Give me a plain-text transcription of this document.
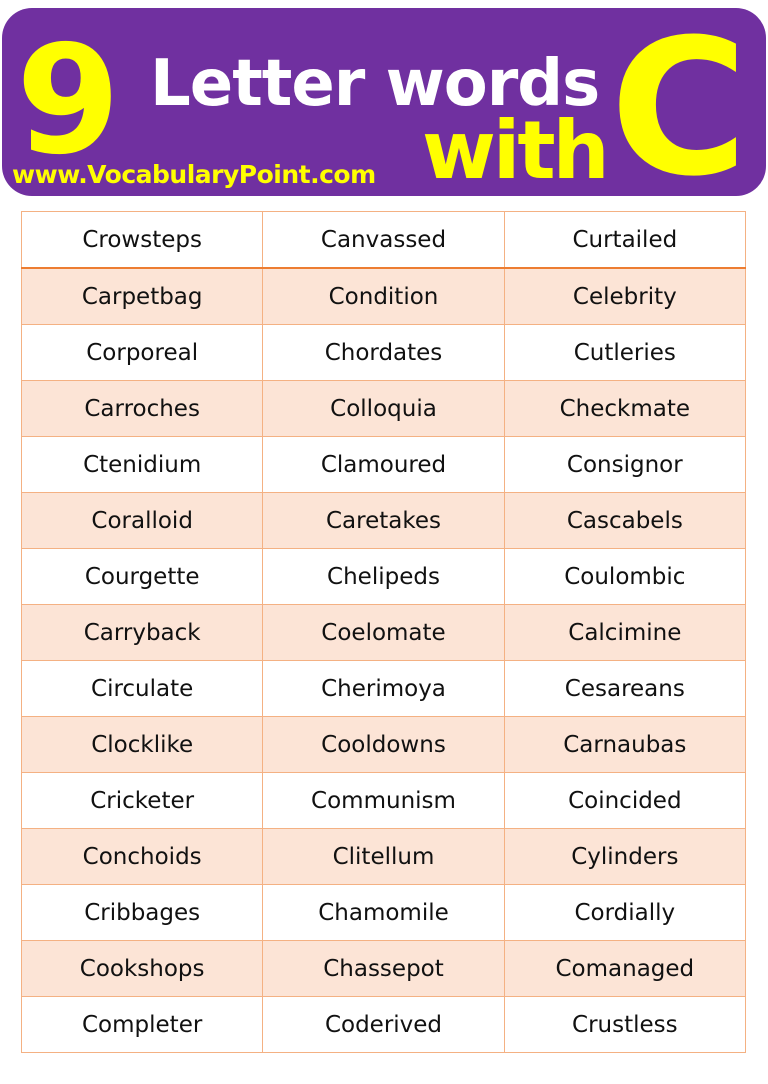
9 Letter words
with C
www.VocabularyPoint.com
Crowsteps	Canvassed	Curtailed
Carpetbag	Condition	Celebrity
Corporeal	Chordates	Cutleries
Carroches	Colloquia	Checkmate
Ctenidium	Clamoured	Consignor
Coralloid	Caretakes	Cascabels
Courgette	Chelipeds	Coulombic
Carryback	Coelomate	Calcimine
Circulate	Cherimoya	Cesareans
Clocklike	Cooldowns	Carnaubas
Cricketer	Communism	Coincided
Conchoids	Clitellum	Cylinders
Cribbages	Chamomile	Cordially
Cookshops	Chassepot	Comanaged
Completer	Coderived	Crustless
